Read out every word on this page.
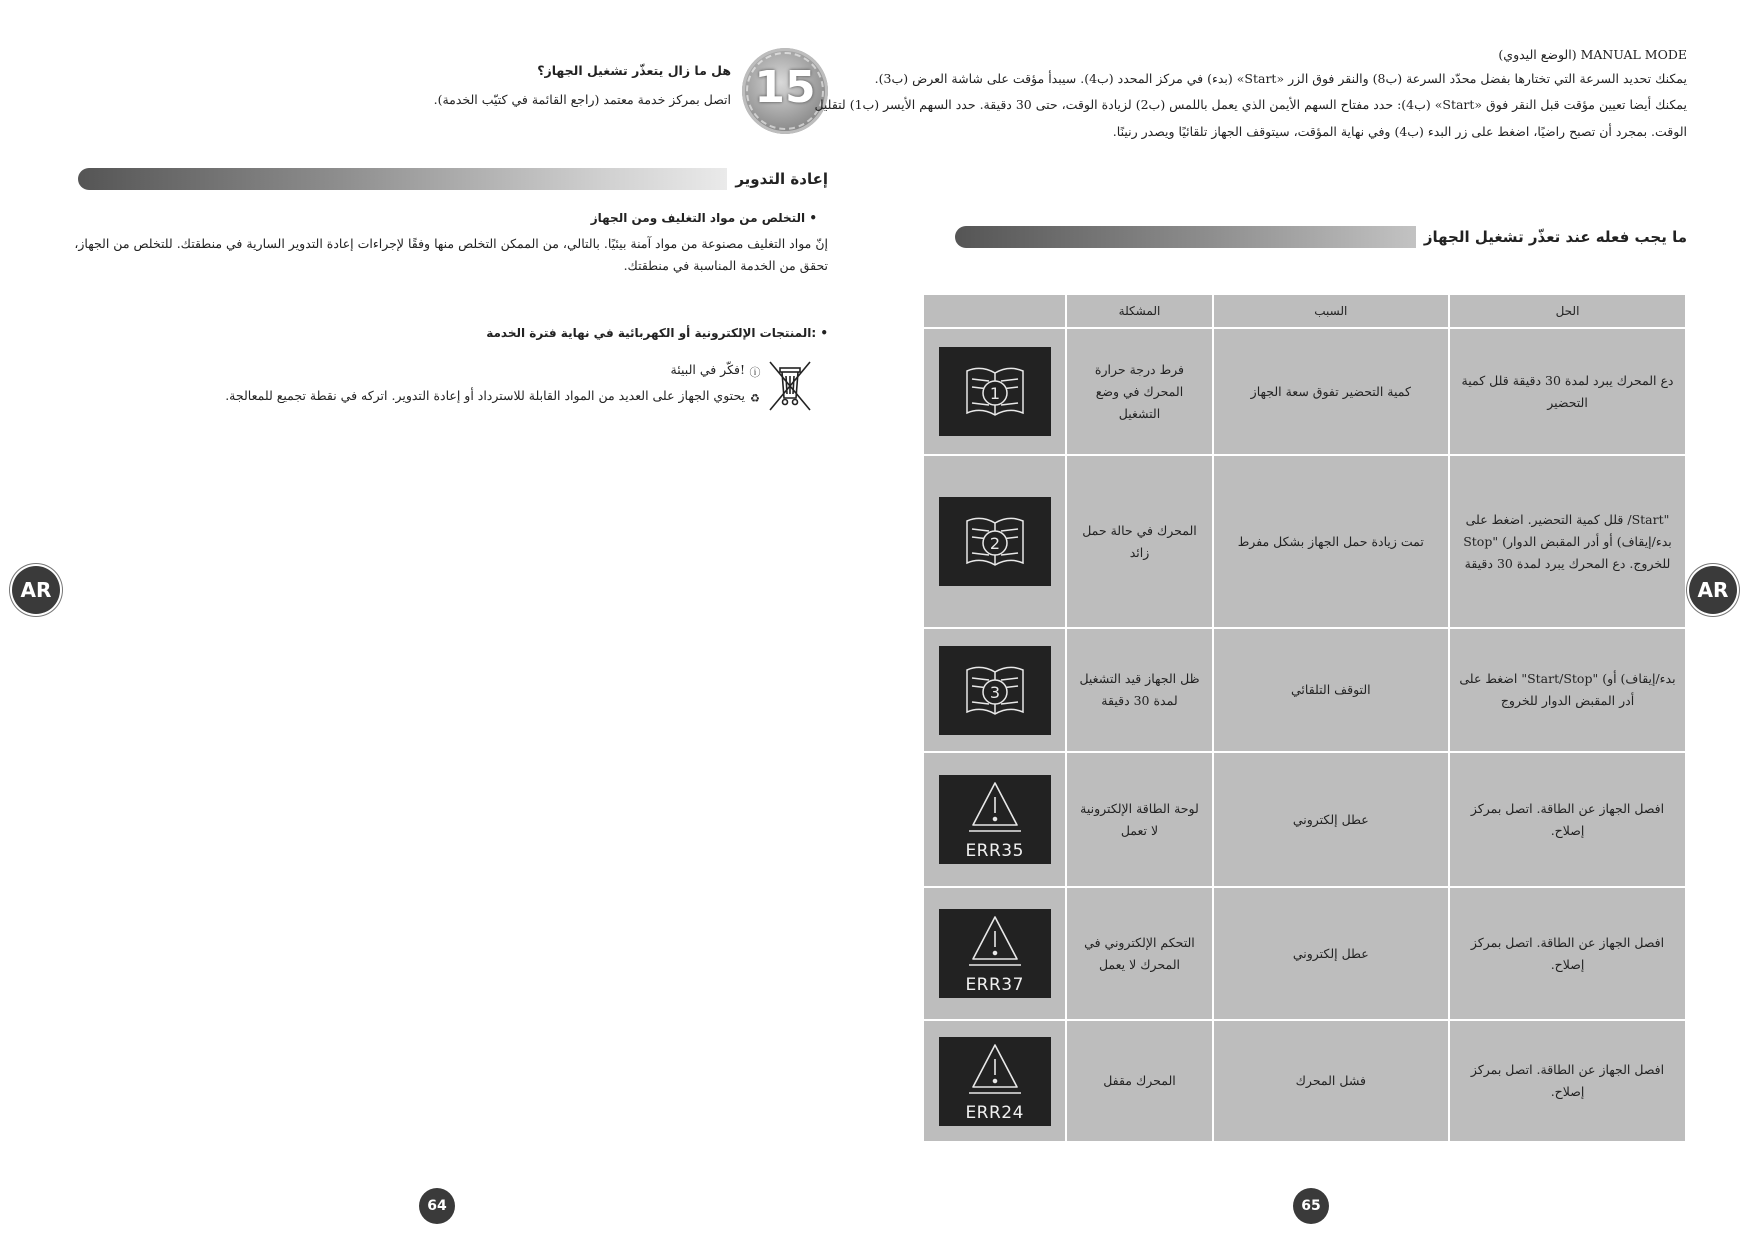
15
هل ما زال يتعذّر تشغيل الجهاز؟
اتصل بمركز خدمة معتمد (راجع القائمة في كتيّب الخدمة).
إعادة التدوير
• التخلص من مواد التغليف ومن الجهاز
إنّ مواد التغليف مصنوعة من مواد آمنة بيئيًا. بالتالي، من الممكن التخلص منها وفقًا لإجراءات إعادة التدوير السارية في منطقتك. للتخلص من الجهاز، تحقق من الخدمة المناسبة في منطقتك.
• :المنتجات الإلكترونية أو الكهربائية في نهاية فترة الخدمة
ⓘ!فكّر في البيئة
♻يحتوي الجهاز على العديد من المواد القابلة للاسترداد أو إعادة التدوير. اتركه في نقطة تجميع للمعالجة.
MANUAL MODE (الوضع اليدوي)
يمكنك تحديد السرعة التي تختارها بفضل محدّد السرعة (ب8) والنقر فوق الزر «Start» (بدء) في مركز المحدد (ب4). سيبدأ مؤقت على شاشة العرض (ب3).
يمكنك أيضا تعيين مؤقت قبل النقر فوق «Start» (ب4): حدد مفتاح السهم الأيمن الذي يعمل باللمس (ب2) لزيادة الوقت، حتى 30 دقيقة. حدد السهم الأيسر (ب1) لتقليل
الوقت. بمجرد أن تصبح راضيًا، اضغط على زر البدء (ب4) وفي نهاية المؤقت، سيتوقف الجهاز تلقائيًا ويصدر رنينًا.
ما يجب فعله عند تعذّر تشغيل الجهاز
الحل	السبب	المشكلة	
دع المحرك يبرد لمدة 30 دقيقة قلل كمية التحضير	كمية التحضير تفوق سعة الجهاز	فرط درجة حرارة المحرك في وضع التشغيل	1

"Start/ قلل كمية التحضير. اضغط على بدء/إيقاف) أو أدر المقبض الدوار) "Stop للخروج. دع المحرك يبرد لمدة 30 دقيقة	تمت زيادة حمل الجهاز بشكل مفرط	المحرك في حالة حمل زائد	2

بدء/إيقاف) أو) "Start/Stop" اضغط على أدر المقبض الدوار للخروج	التوقف التلقائي	ظل الجهاز قيد التشغيل لمدة 30 دقيقة	3

افصل الجهاز عن الطاقة. اتصل بمركز إصلاح.	عطل إلكتروني	لوحة الطاقة الإلكترونية لا تعمل	ERR35

افصل الجهاز عن الطاقة. اتصل بمركز إصلاح.	عطل إلكتروني	التحكم الإلكتروني في المحرك لا يعمل	ERR37

افصل الجهاز عن الطاقة. اتصل بمركز إصلاح.	فشل المحرك	المحرك مقفل	ERR24
AR	AR
64	65
